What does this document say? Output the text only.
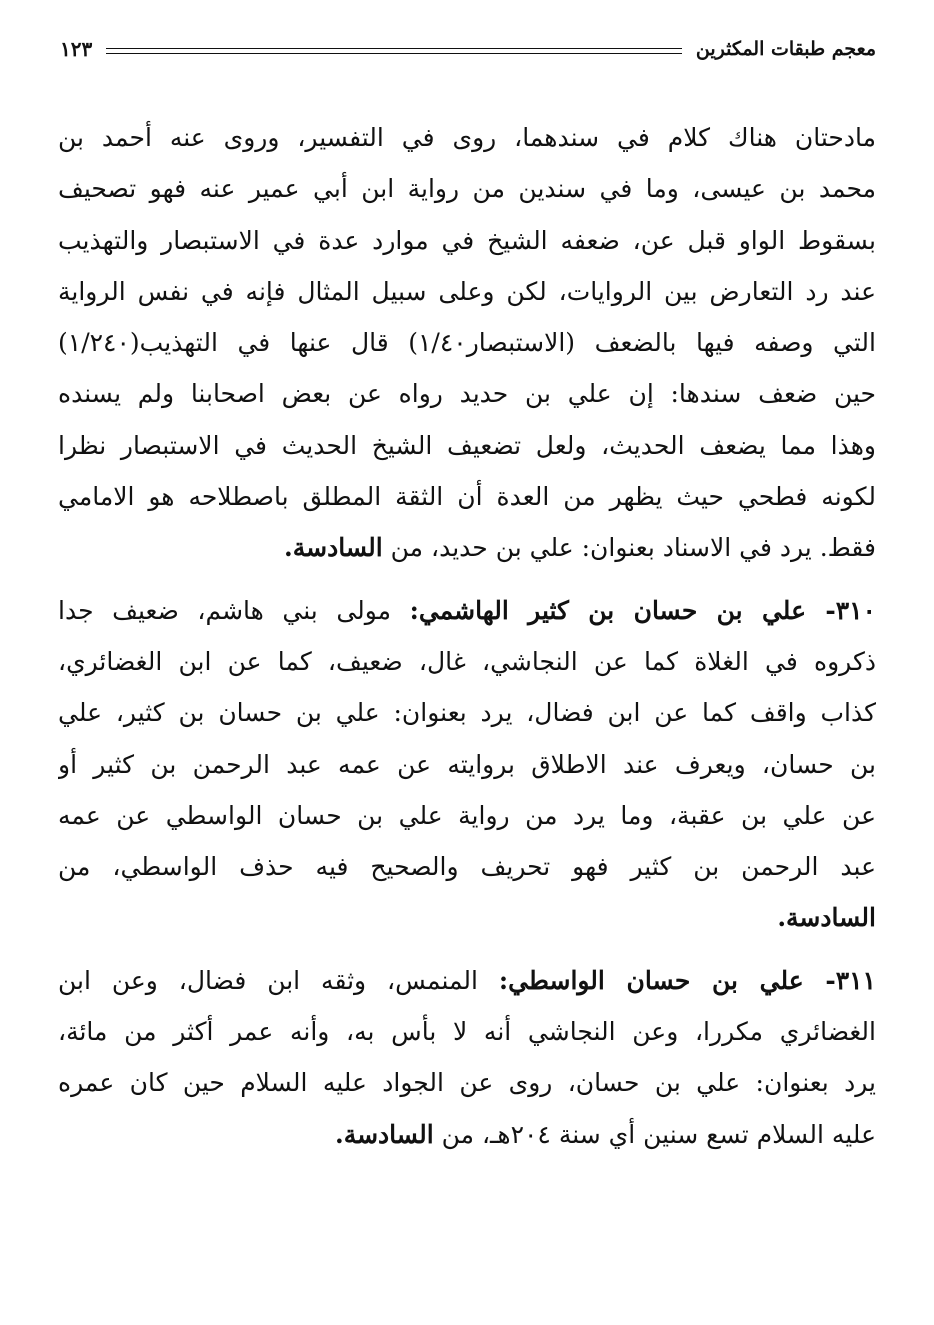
معجم طبقات المكثرين
١٢٣
مادحتان هناك كلام في سندهما، روى في التفسير، وروى عنه أحمد بن
محمد بن عيسى، وما في سندين من رواية ابن أبي عمير عنه فهو تصحيف
بسقوط الواو قبل عن، ضعفه الشيخ في موارد عدة في الاستبصار والتهذيب
عند رد التعارض بين الروايات، لكن وعلى سبيل المثال فإنه في نفس الرواية
التي وصفه فيها بالضعف (الاستبصار١/٤٠) قال عنها في التهذيب(١/٢٤٠)
حين ضعف سندها: إن علي بن حديد رواه عن بعض اصحابنا ولم يسنده
وهذا مما يضعف الحديث، ولعل تضعيف الشيخ الحديث في الاستبصار نظرا
لكونه فطحي حيث يظهر من العدة أن الثقة المطلق باصطلاحه هو الامامي
فقط. يرد في الاسناد بعنوان: علي بن حديد، من السادسة.
٣١٠- علي بن حسان بن كثير الهاشمي: مولى بني هاشم، ضعيف جدا
ذكروه في الغلاة كما عن النجاشي، غال، ضعيف، كما عن ابن الغضائري،
كذاب واقف كما عن ابن فضال، يرد بعنوان: علي بن حسان بن كثير، علي
بن حسان، ويعرف عند الاطلاق بروايته عن عمه عبد الرحمن بن كثير أو
عن علي بن عقبة، وما يرد من رواية علي بن حسان الواسطي عن عمه
عبد الرحمن بن كثير فهو تحريف والصحيح فيه حذف الواسطي، من
السادسة.
٣١١- علي بن حسان الواسطي: المنمس، وثقه ابن فضال، وعن ابن
الغضائري مكررا، وعن النجاشي أنه لا بأس به، وأنه عمر أكثر من مائة،
يرد بعنوان: علي بن حسان، روى عن الجواد عليه السلام حين كان عمره
عليه السلام تسع سنين أي سنة ٢٠٤هـ، من السادسة.
